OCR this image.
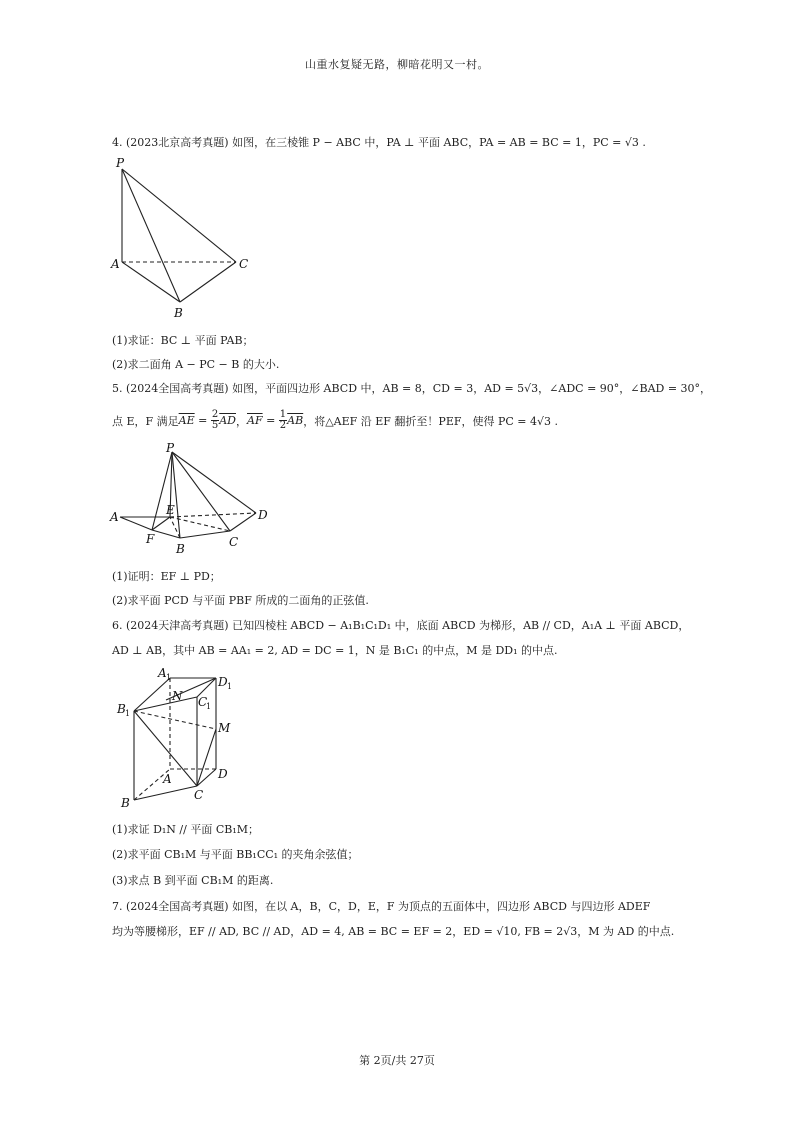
山重水复疑无路，柳暗花明又一村。
4. (2023北京高考真题) 如图，在三棱锥 P − ABC 中，PA ⊥ 平面 ABC，PA = AB = BC = 1，PC = √3 .
P
A
B
C
(1)求证：BC ⊥ 平面 PAB；
(2)求二面角 A − PC − B 的大小.
5. (2024全国高考真题) 如图，平面四边形 ABCD 中，AB = 8，CD = 3，AD = 5√3，∠ADC = 90°，∠BAD = 30°，
点 E，F 满足 $\overline{AE} = \frac{2}{5} \overline{AD}$ ， $\overline{AF} = \frac{1}{2} \overline{AB}$ ，将△AEF 沿 EF 翻折至！PEF，使得 PC = 4√3 .
P
A	E
F
B	C
D
(1)证明：EF ⊥ PD；
(2)求平面 PCD 与平面 PBF 所成的二面角的正弦值.
6. (2024天津高考真题) 已知四棱柱 ABCD − A₁B₁C₁D₁ 中，底面 ABCD 为梯形，AB // CD，A₁A ⊥ 平面 ABCD，
AD ⊥ AB，其中 AB = AA₁ = 2, AD = DC = 1，N 是 B₁C₁ 的中点，M 是 DD₁ 的中点.
A 1	D 1
N C
1
B 1
M
A	D
B
C
(1)求证 D₁N // 平面 CB₁M；
(2)求平面 CB₁M 与平面 BB₁CC₁ 的夹角余弦值；
(3)求点 B 到平面 CB₁M 的距离.
7. (2024全国高考真题) 如图，在以 A，B，C，D，E，F 为顶点的五面体中，四边形 ABCD 与四边形 ADEF
均为等腰梯形，EF // AD, BC // AD，AD = 4, AB = BC = EF = 2，ED = √10, FB = 2√3，M 为 AD 的中点.
第 2页/共 27页
